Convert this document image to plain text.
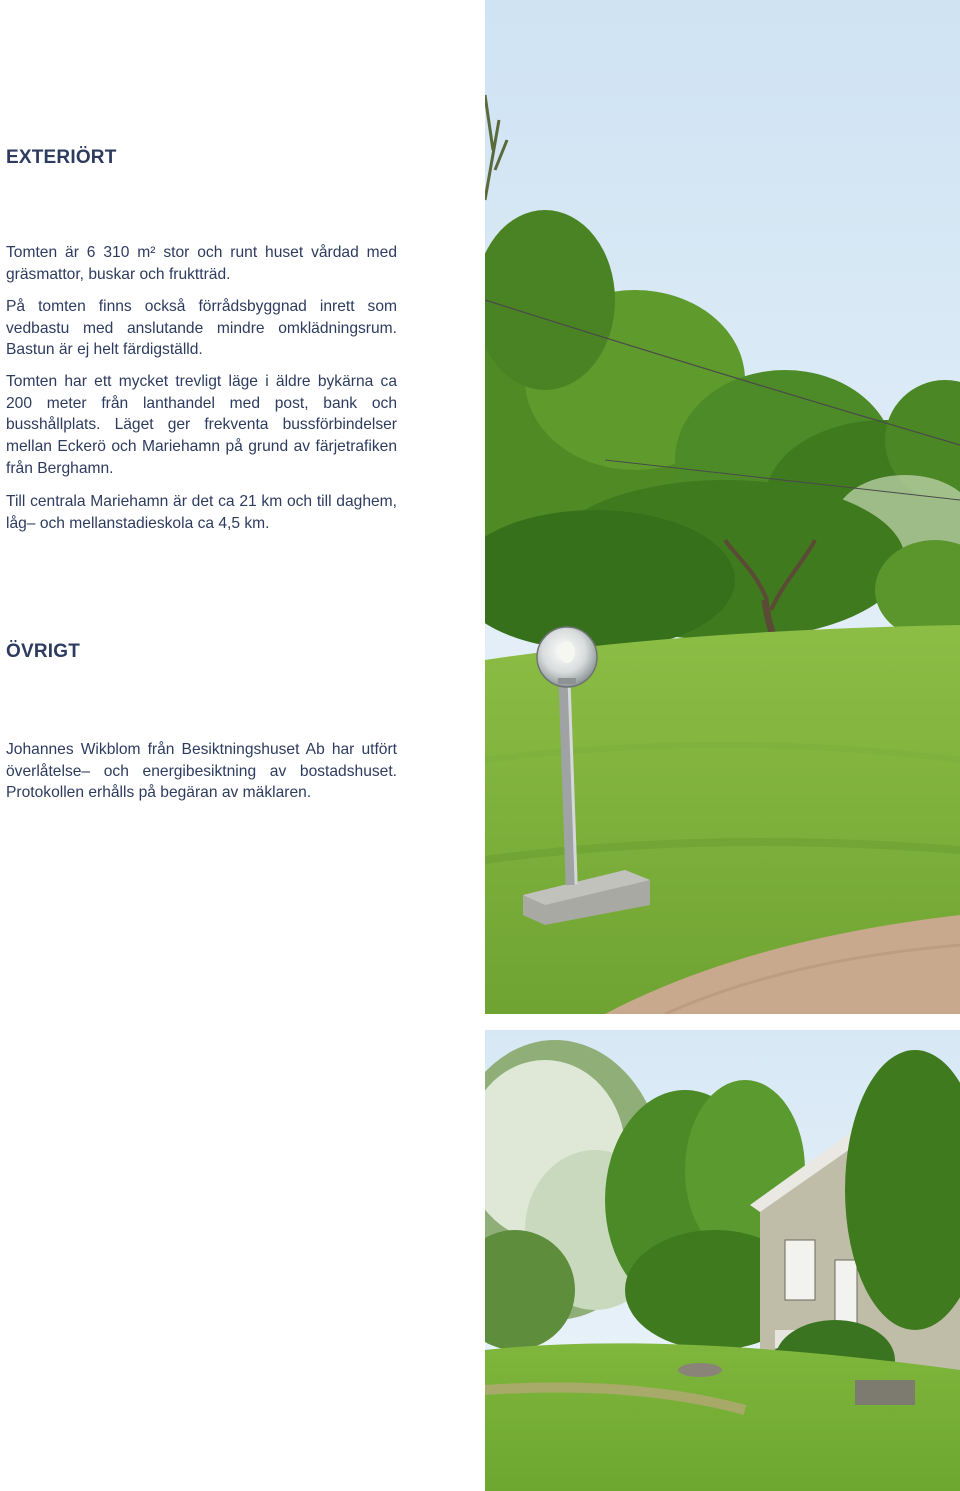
EXTERIÖRT

Tomten är 6 310 m² stor och runt huset vårdad med gräsmattor, buskar och fruktträd.

På tomten finns också förrådsbyggnad inrett som vedbastu med anslutande mindre omklädningsrum. Bastun är ej helt färdigställd.

Tomten har ett mycket trevligt läge i äldre bykärna ca 200 meter från lanthandel med post, bank och busshållplats. Läget ger frekventa bussförbindelser mellan Eckerö och Mariehamn på grund av färjetrafiken från Berghamn.

Till centrala Mariehamn är det ca 21 km och till daghem, låg– och mellanstadieskola ca 4,5 km.

ÖVRIGT

Johannes Wikblom från Besiktningshuset Ab har utfört överlåtelse– och energibesiktning av bostadshuset. Protokollen erhålls på begäran av mäklaren.
